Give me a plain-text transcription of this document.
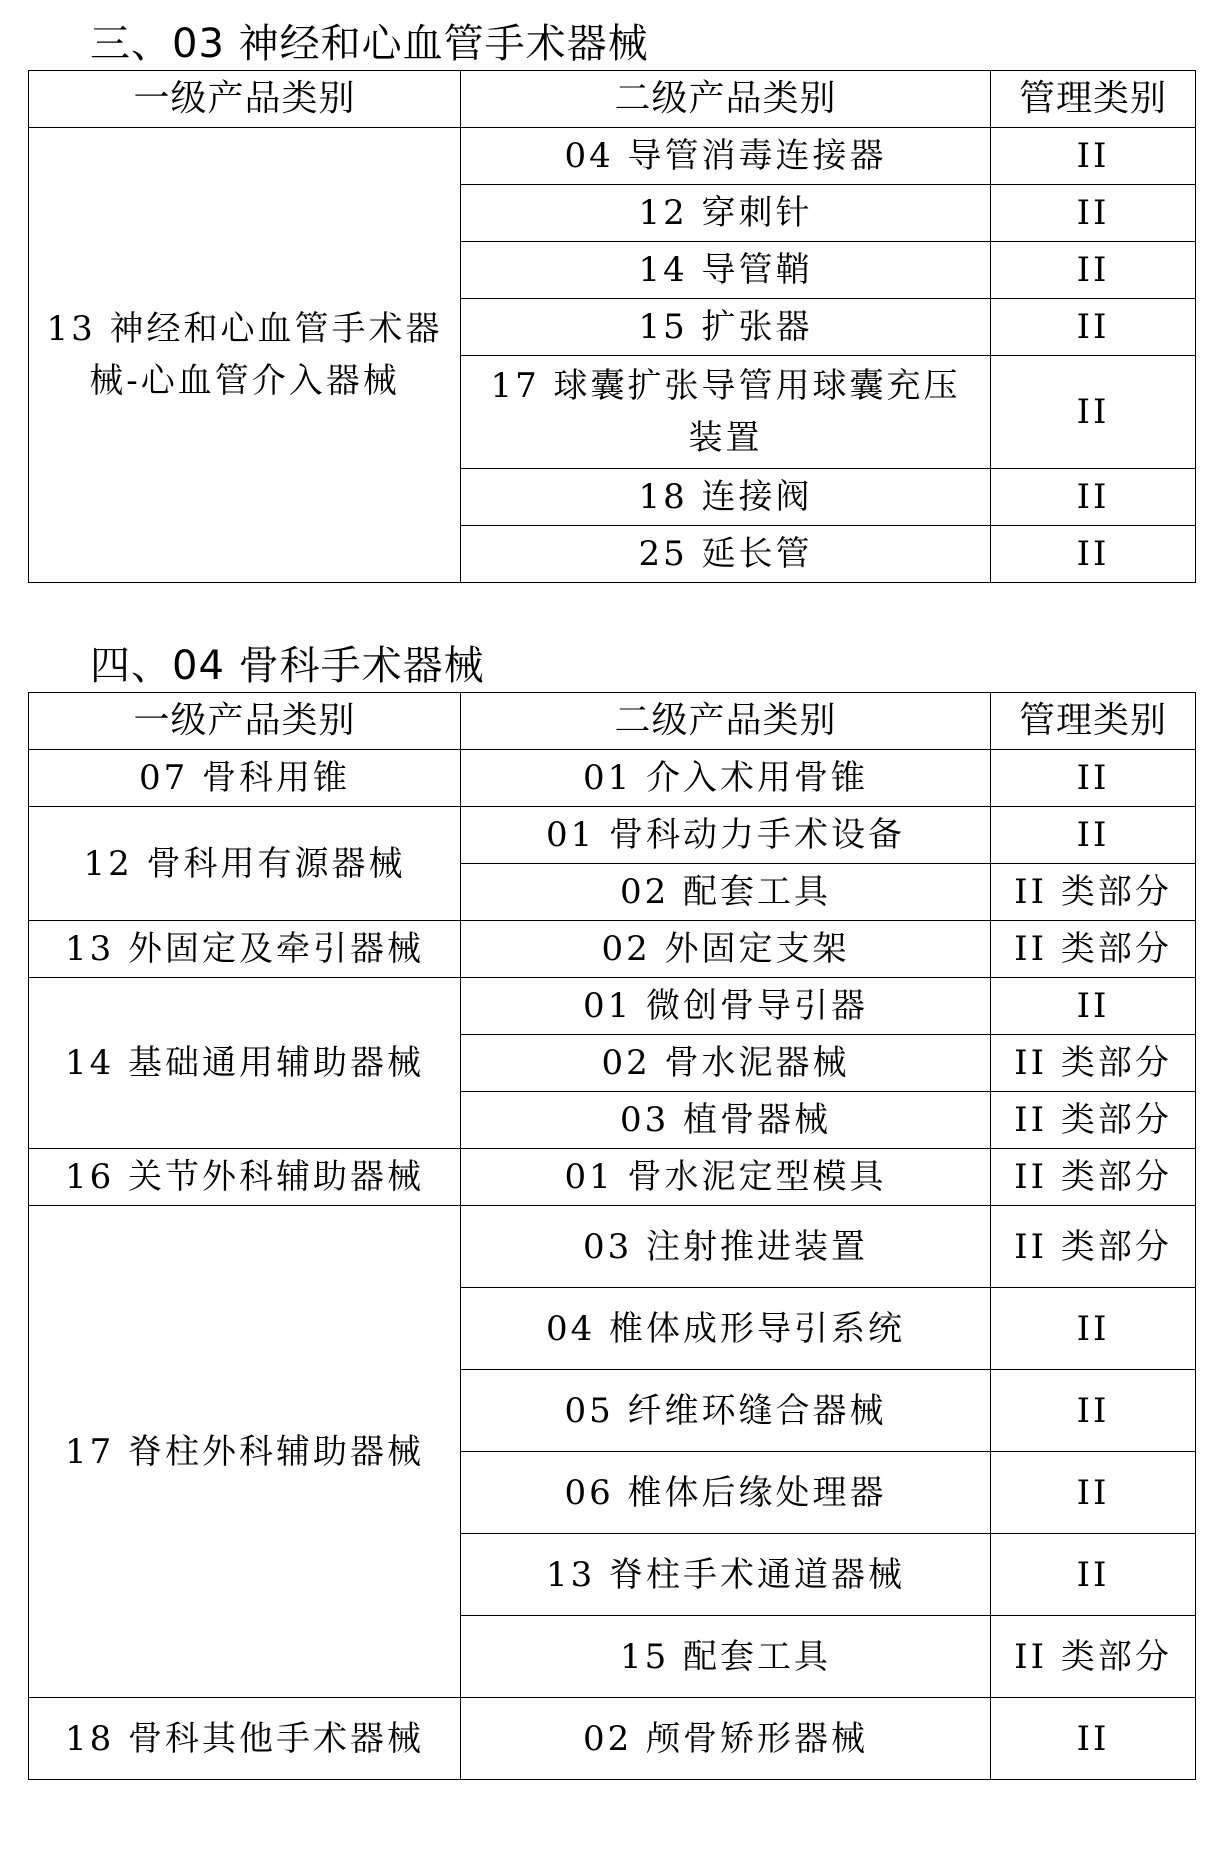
三、03 神经和心血管手术器械
一级产品类别	二级产品类别	管理类别
13 神经和心血管手术器械-心血管介入器械	04 导管消毒连接器	II
	12 穿刺针	II
	14 导管鞘	II
	15 扩张器	II
	17 球囊扩张导管用球囊充压装置	II
	18 连接阀	II
	25 延长管	II
四、04 骨科手术器械
一级产品类别	二级产品类别	管理类别
07 骨科用锥	01 介入术用骨锥	II
12 骨科用有源器械	01 骨科动力手术设备	II
	02 配套工具	II 类部分
13 外固定及牵引器械	02 外固定支架	II 类部分
14 基础通用辅助器械	01 微创骨导引器	II
	02 骨水泥器械	II 类部分
	03 植骨器械	II 类部分
16 关节外科辅助器械	01 骨水泥定型模具	II 类部分
17 脊柱外科辅助器械	03 注射推进装置	II 类部分
	04 椎体成形导引系统	II
	05 纤维环缝合器械	II
	06 椎体后缘处理器	II
	13 脊柱手术通道器械	II
	15 配套工具	II 类部分
18 骨科其他手术器械	02 颅骨矫形器械	II
